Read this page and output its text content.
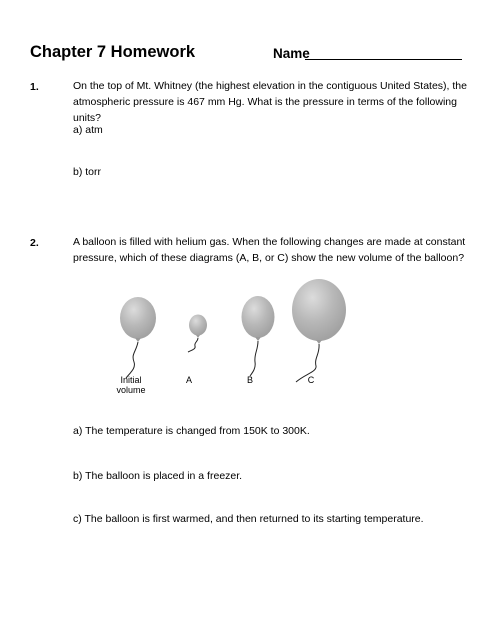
Chapter 7 Homework	Name
1.	On the top of Mt. Whitney (the highest elevation in the contiguous United States), the atmospheric pressure is 467 mm Hg. What is the pressure in terms of the following units?
a) atm
b) torr
2.	A balloon is filled with helium gas. When the following changes are made at constant pressure, which of these diagrams (A, B, or C) show the new volume of the balloon?
Initial
volume
A	B	C
a) The temperature is changed from 150K to 300K.
b) The balloon is placed in a freezer.
c) The balloon is first warmed, and then returned to its starting temperature.
